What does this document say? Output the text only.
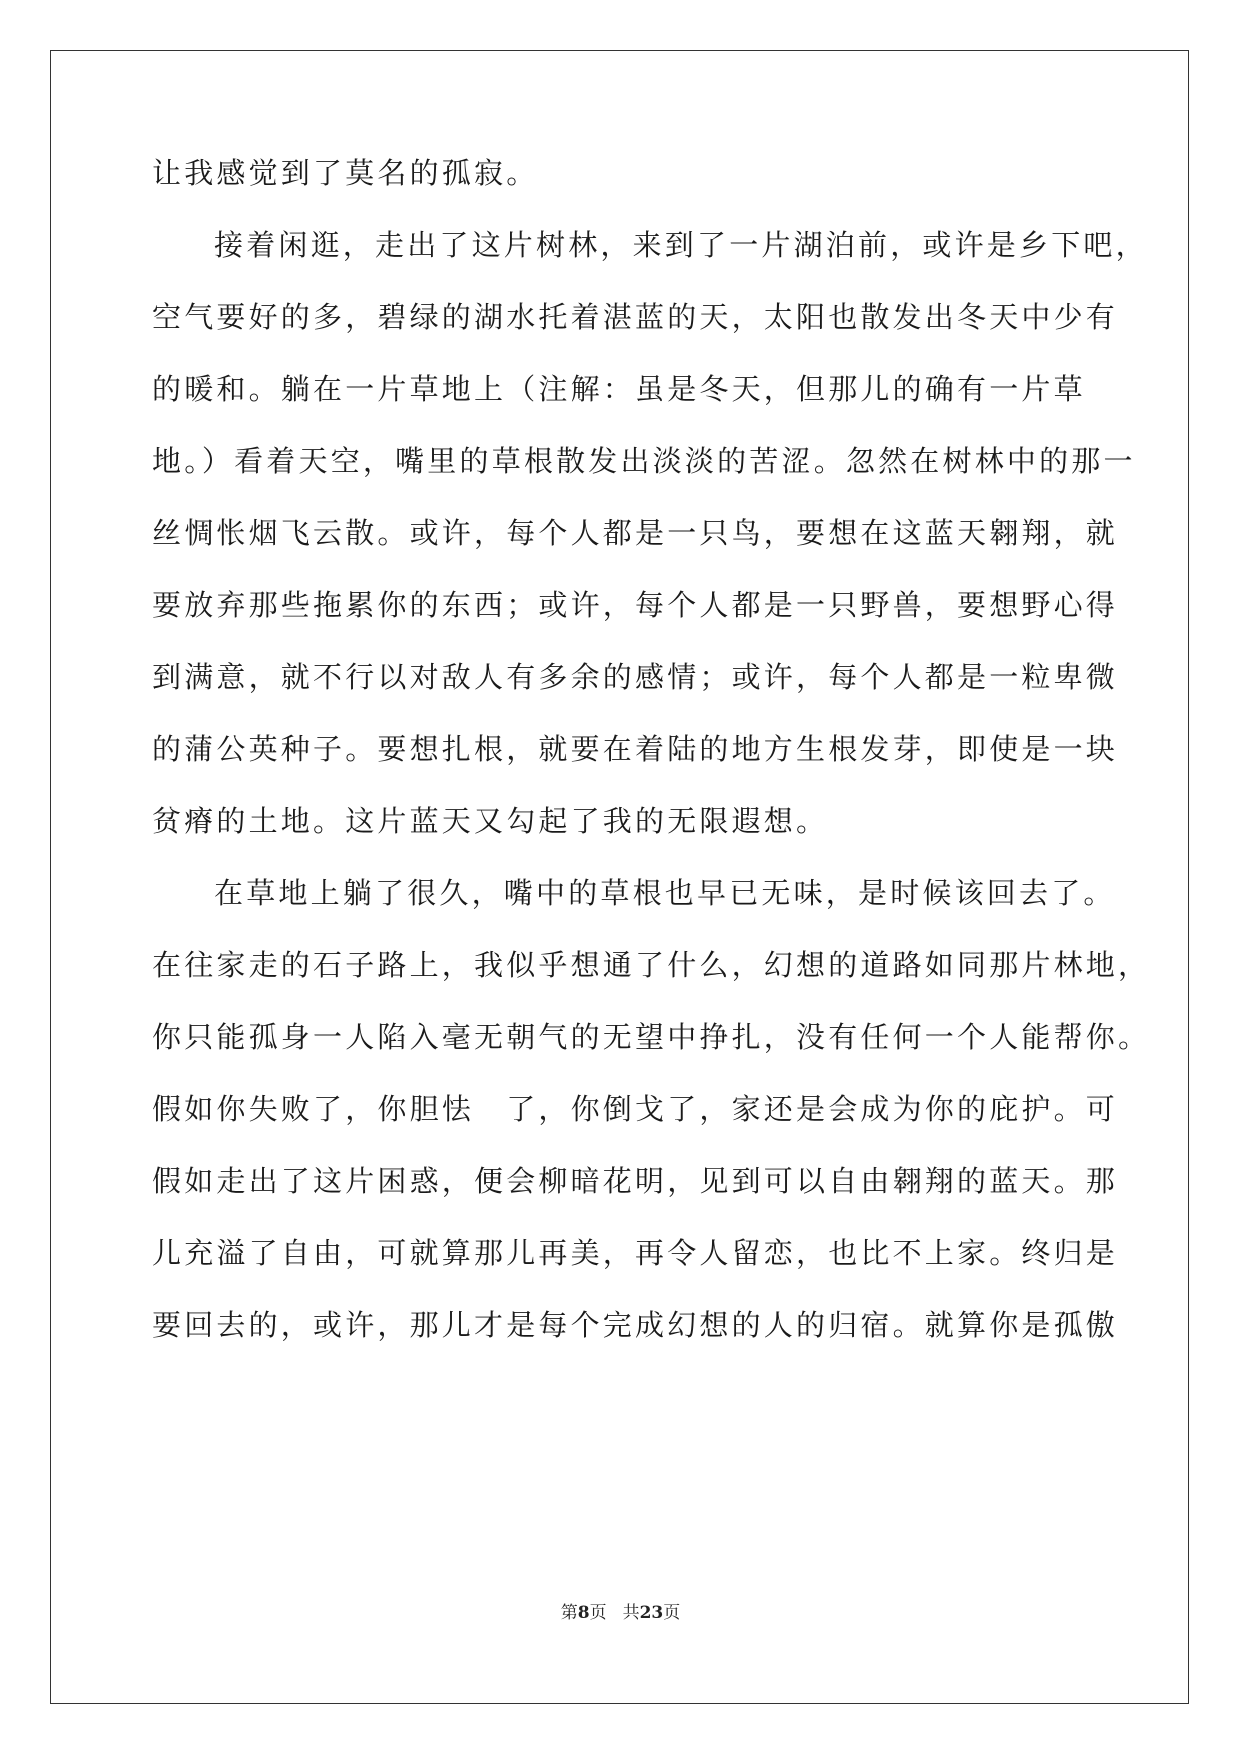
让我感觉到了莫名的孤寂。
接着闲逛，走出了这片树林，来到了一片湖泊前，或许是乡下吧，
空气要好的多，碧绿的湖水托着湛蓝的天，太阳也散发出冬天中少有
的暖和。躺在一片草地上（注解：虽是冬天，但那儿的确有一片草
地。）看着天空，嘴里的草根散发出淡淡的苦涩。忽然在树林中的那一
丝惆怅烟飞云散。或许，每个人都是一只鸟，要想在这蓝天翱翔，就
要放弃那些拖累你的东西；或许，每个人都是一只野兽，要想野心得
到满意，就不行以对敌人有多余的感情；或许，每个人都是一粒卑微
的蒲公英种子。要想扎根，就要在着陆的地方生根发芽，即使是一块
贫瘠的土地。这片蓝天又勾起了我的无限遐想。
在草地上躺了很久，嘴中的草根也早已无味，是时候该回去了。
在往家走的石子路上，我似乎想通了什么，幻想的道路如同那片林地，
你只能孤身一人陷入毫无朝气的无望中挣扎，没有任何一个人能帮你。
假如你失败了，你胆怯　了，你倒戈了，家还是会成为你的庇护。可
假如走出了这片困惑，便会柳暗花明，见到可以自由翱翔的蓝天。那
儿充溢了自由，可就算那儿再美，再令人留恋，也比不上家。终归是
要回去的，或许，那儿才是每个完成幻想的人的归宿。就算你是孤傲
第8页 共23页
